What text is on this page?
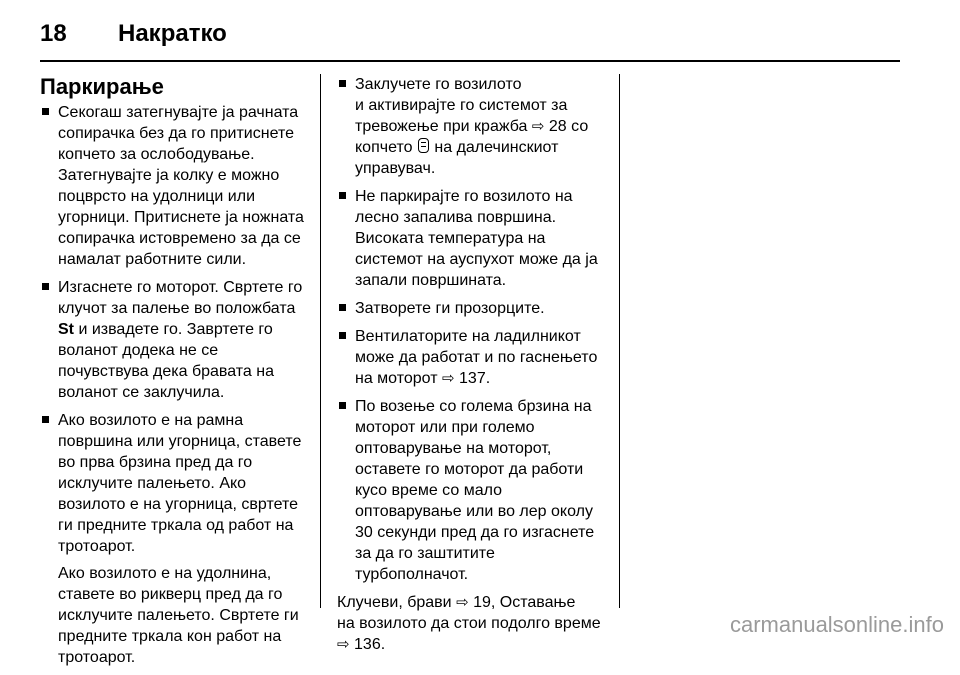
18	Накратко
Паркирање
Секогаш затегнувајте ја рачната
сопирачка без да го притиснете
копчето за ослободување.
Затегнувајте ја колку е можно
поцврсто на удолници или
угорници. Притиснете ја ножната
сопирачка истовремено за да се
намалат работните сили.
Изгаснете го моторот. Свртете го
клучот за палење во положбата
St и извадете го. Завртете го
воланот додека не се
почувствува дека бравата на
воланот се заклучила.
Ако возилото е на рамна
површина или угорница, ставете
во прва брзина пред да го
исклучите палењето. Ако
возилото е на угорница, свртете
ги предните тркала од работ на
тротоарот.
Ако возилото е на удолнина,
ставете во рикверц пред да го
исклучите палењето. Свртете ги
предните тркала кон работ на
тротоарот.
Заклучете го возилото
и активирајте го системот за
тревожење при кражба ⇨ 28 со
копчето  на далечинскиот
управувач.
Не паркирајте го возилото на
лесно запалива површина.
Високата температура на
системот на ауспухот може да ја
запали површината.
Затворете ги прозорците.
Вентилаторите на ладилникот
може да работат и по гаснењето
на моторот ⇨ 137.
По возење со голема брзина на
моторот или при големо
оптоварување на моторот,
оставете го моторот да работи
кусо време со мало
оптоварување или во лер околу
30 секунди пред да го изгаснете
за да го заштитите
турбополначот.
Клучеви, брави ⇨ 19, Оставање
на возилото да стои подолго време
⇨ 136.
carmanualsonline.info
